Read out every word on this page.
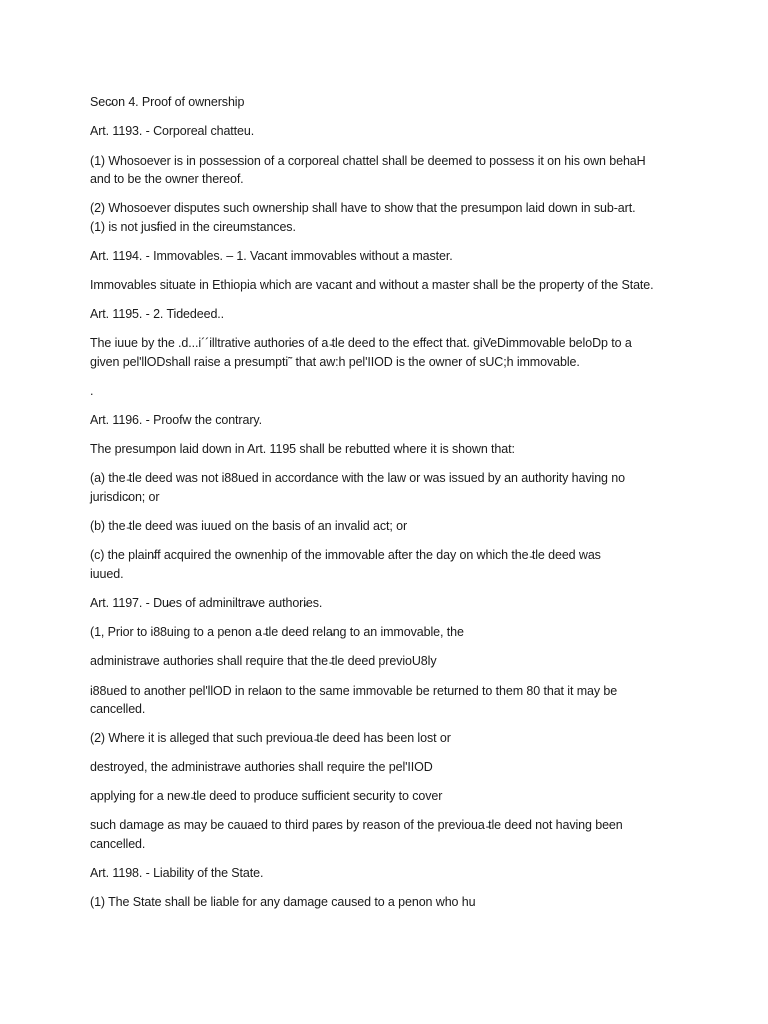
Sec̵on 4. Proof of ownership
Art. 1193. - Corporeal chatteu.
(1) Whosoever is in possession of a corporeal chattel shall be deemed to possess it on his own behaH
and to be the owner thereof.
(2) Whosoever disputes such ownership shall have to show that the presump̵on laid down in sub-art.
(1) is not jus̵fied in the cireumstances.
Art. 1194. - Immovables. – 1. Vacant immovables without a master.
Immovables situate in Ethiopia which are vacant and without a master shall be the property of the State.
Art. 1195. - 2. Tidedeed..
The iuue by the .d...i´´illtrative authori̵es of a ̵tle deed to the effect that. giVeDimmovable beloDp to a
given pel'llODshall raise a presumpti˜ that aw:h pel'IIOD is the owner of sUC;h immovable.
.
Art. 1196. - Proofw the contrary.
The presump̵on laid down in Art. 1195 shall be rebutted where it is shown that:
(a) the ̵tle deed was not i88ued in accordance with the law or was issued by an authority having no
jurisdic̵on; or
(b) the ̵tle deed was iuued on the basis of an invalid act; or
(c) the plain̵ff acquired the ownenhip of the immovable after the day on which the ̵tle deed was
iuued.
Art. 1197. - Du̵es of adminiltra̵ve authori̵es.
(1, Prior to i88uing to a penon a ̵tle deed rela̵ng to an immovable, the
administra̵ve authori̵es shall require that the ̵tle deed previoU8ly
i88ued to another pel'llOD in rela̵on to the same immovable be returned to them 80 that it may be
cancelled.
(2) Where it is alleged that such previoua ̵tle deed has been lost or
destroyed, the administra̵ve authori̵es shall require the pel'IIOD
applying for a new ̵tle deed to produce sufficient security to cover
such damage as may be cauaed to third par̵es by reason of the previoua ̵tle deed not having been
cancelled.
Art. 1198. - Liability of the State.
(1) The State shall be liable for any damage caused to a penon who hu
